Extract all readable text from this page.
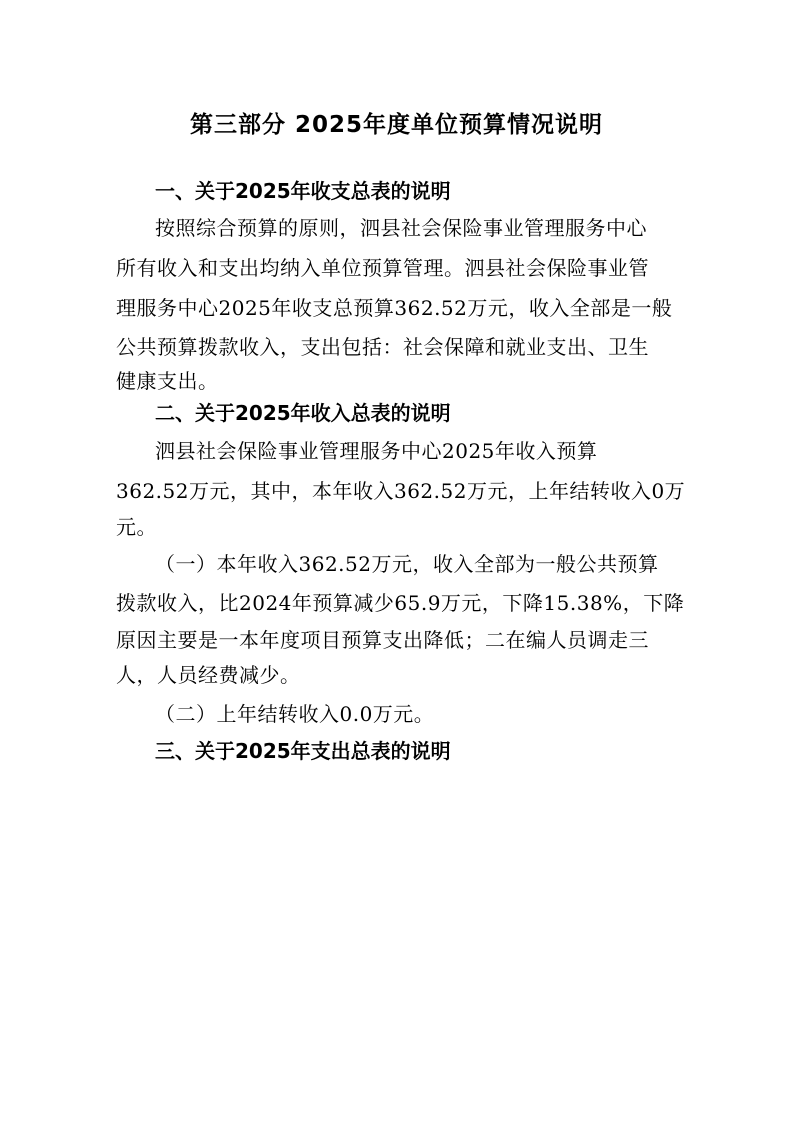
第三部分 2025年度单位预算情况说明
一、关于2025年收支总表的说明

按照综合预算的原则，泗县社会保险事业管理服务中心

所有收入和支出均纳入单位预算管理。泗县社会保险事业管

理服务中心2025年收支总预算362.52万元，收入全部是一般

公共预算拨款收入，支出包括：社会保障和就业支出、卫生

健康支出。

二、关于2025年收入总表的说明

泗县社会保险事业管理服务中心2025年收入预算

362.52万元，其中，本年收入362.52万元，上年结转收入0万

元。

（一）本年收入362.52万元，收入全部为一般公共预算

拨款收入，比2024年预算减少65.9万元，下降15.38%，下降

原因主要是一本年度项目预算支出降低；二在编人员调走三

人，人员经费减少。

（二）上年结转收入0.0万元。

三、关于2025年支出总表的说明
